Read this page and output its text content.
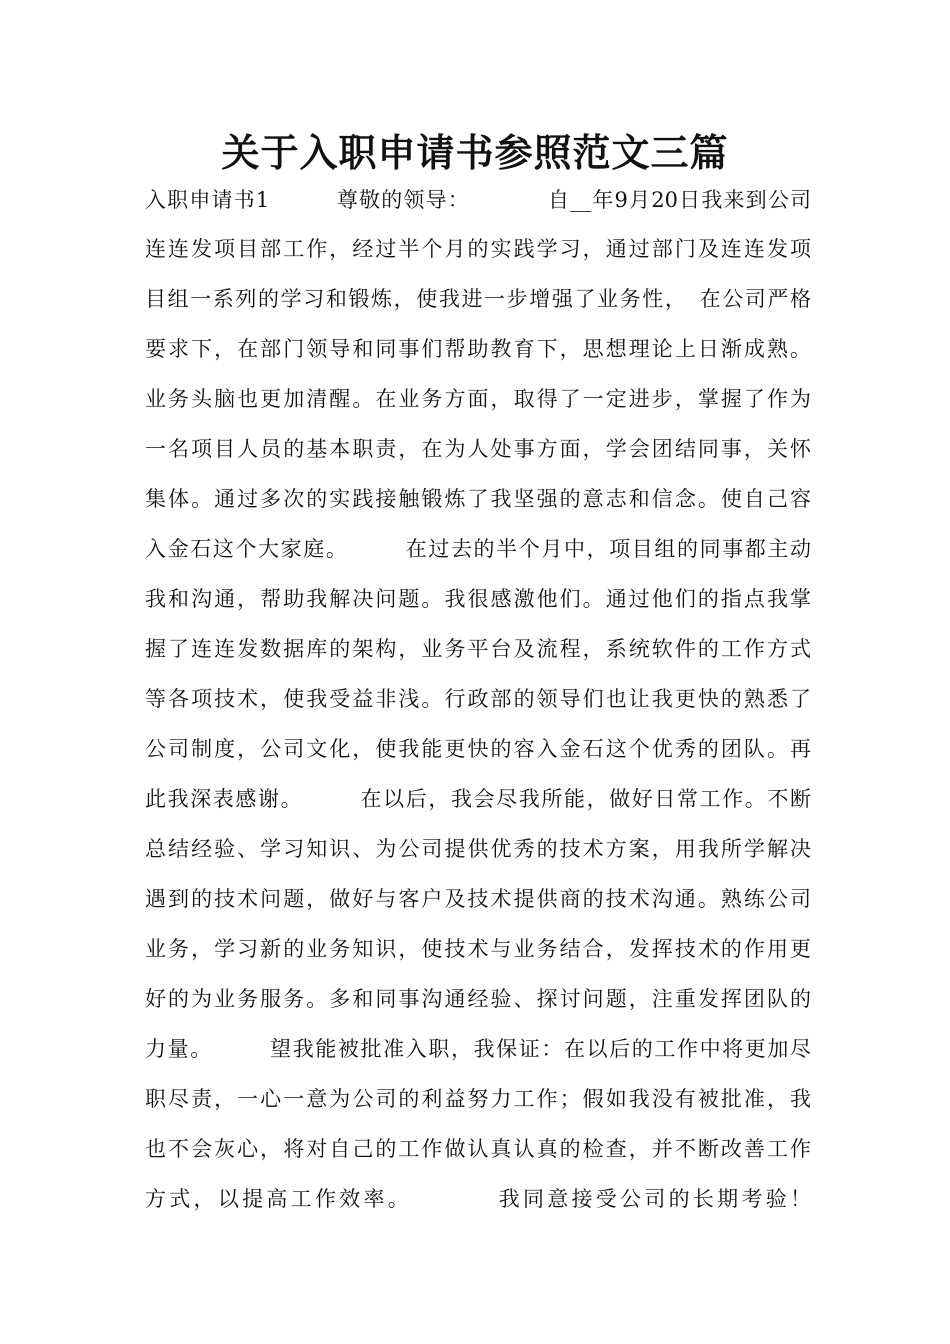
关于入职申请书参照范文三篇
入职申请书1　　　尊敬的领导：　　　　自__年9月20日我来到公司
连连发项目部工作，经过半个月的实践学习，通过部门及连连发项
目组一系列的学习和锻炼，使我进一步增强了业务性，　在公司严格
要求下，在部门领导和同事们帮助教育下，思想理论上日渐成熟。
业务头脑也更加清醒。在业务方面，取得了一定进步，掌握了作为
一名项目人员的基本职责，在为人处事方面，学会团结同事，关怀
集体。通过多次的实践接触锻炼了我坚强的意志和信念。使自己容
入金石这个大家庭。　　　在过去的半个月中，项目组的同事都主动
我和沟通，帮助我解决问题。我很感激他们。通过他们的指点我掌
握了连连发数据库的架构，业务平台及流程，系统软件的工作方式
等各项技术，使我受益非浅。行政部的领导们也让我更快的熟悉了
公司制度，公司文化，使我能更快的容入金石这个优秀的团队。再
此我深表感谢。　　　在以后，我会尽我所能，做好日常工作。不断
总结经验、学习知识、为公司提供优秀的技术方案，用我所学解决
遇到的技术问题，做好与客户及技术提供商的技术沟通。熟练公司
业务，学习新的业务知识，使技术与业务结合，发挥技术的作用更
好的为业务服务。多和同事沟通经验、探讨问题，注重发挥团队的
力量。　　　望我能被批准入职，我保证：在以后的工作中将更加尽
职尽责，一心一意为公司的利益努力工作；假如我没有被批准，我
也不会灰心，将对自己的工作做认真认真的检查，并不断改善工作
方式，以提高工作效率。　　　　我同意接受公司的长期考验！
